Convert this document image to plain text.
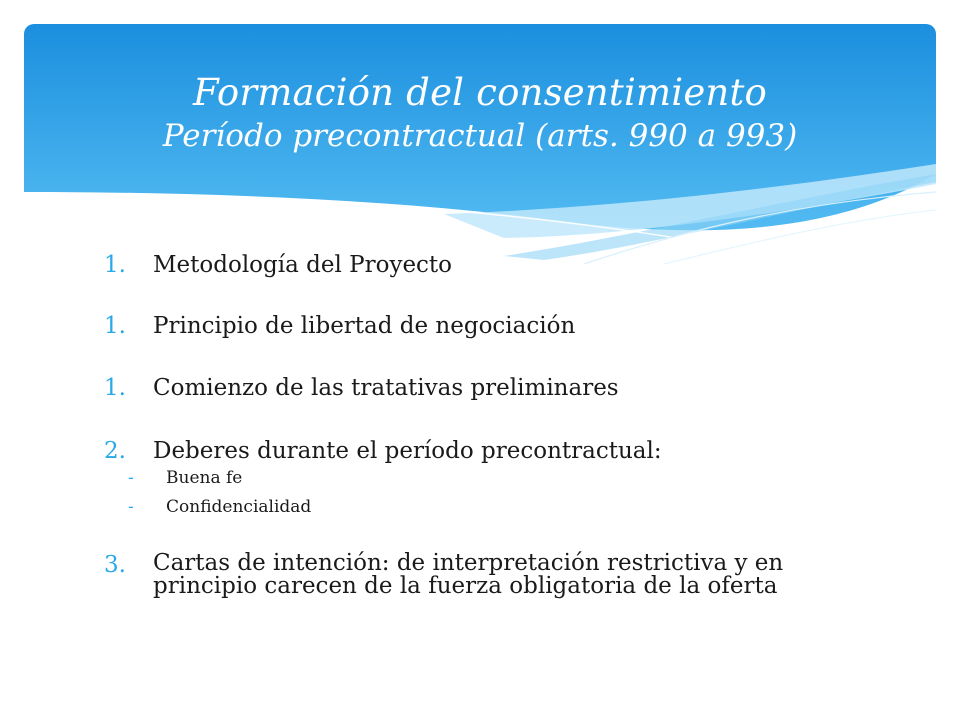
Formación del consentimiento
Período precontractual (arts. 990 a 993)
1. Metodología del Proyecto
1. Principio de libertad de negociación
1. Comienzo de las tratativas preliminares
2. Deberes durante el período precontractual:
- Buena fe
- Confidencialidad
3. Cartas de intención: de interpretación restrictiva y en principio carecen de la fuerza obligatoria de la oferta
